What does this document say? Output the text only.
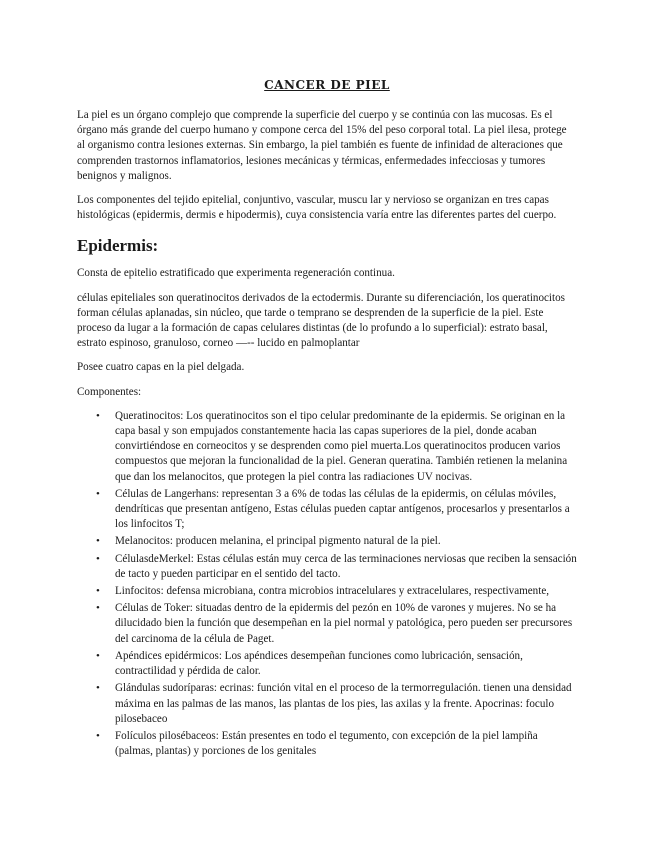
CANCER DE PIEL

La piel es un órgano complejo que comprende la superficie del cuerpo y se continúa con las mucosas. Es el órgano más grande del cuerpo humano y compone cerca del 15% del peso corporal total. La piel ilesa, protege al organismo contra lesiones externas. Sin embargo, la piel también es fuente de infinidad de alteraciones que comprenden trastornos inflamatorios, lesiones mecánicas y térmicas, enfermedades infecciosas y tumores benignos y malignos.

Los componentes del tejido epitelial, conjuntivo, vascular, muscu lar y nervioso se organizan en tres capas histológicas (epidermis, dermis e hipodermis), cuya consistencia varía entre las diferentes partes del cuerpo.

Epidermis:

Consta de epitelio estratificado que experimenta regeneración continua.

células epiteliales son queratinocitos derivados de la ectodermis. Durante su diferenciación, los queratinocitos forman células aplanadas, sin núcleo, que tarde o temprano se desprenden de la superficie de la piel. Este proceso da lugar a la formación de capas celulares distintas (de lo profundo a lo superficial): estrato basal, estrato espinoso, granuloso, corneo —-- lucido en palmoplantar

Posee cuatro capas en la piel delgada.

Componentes:

• Queratinocitos: Los queratinocitos son el tipo celular predominante de la epidermis. Se originan en la capa basal y son empujados constantemente hacia las capas superiores de la piel, donde acaban convirtiéndose en corneocitos y se desprenden como piel muerta.Los queratinocitos producen varios compuestos que mejoran la funcionalidad de la piel. Generan queratina. También retienen la melanina que dan los melanocitos, que protegen la piel contra las radiaciones UV nocivas.
• Células de Langerhans: representan 3 a 6% de todas las células de la epidermis, on células móviles, dendríticas que presentan antígeno, Estas células pueden captar antígenos, procesarlos y presentarlos a los linfocitos T;
• Melanocitos: producen melanina, el principal pigmento natural de la piel.
• CélulasdeMerkel: Estas células están muy cerca de las terminaciones nerviosas que reciben la sensación de tacto y pueden participar en el sentido del tacto.
• Linfocitos: defensa microbiana, contra microbios intracelulares y extracelulares, respectivamente,
• Células de Toker: situadas dentro de la epidermis del pezón en 10% de varones y mujeres. No se ha dilucidado bien la función que desempeñan en la piel normal y patológica, pero pueden ser precursores del carcinoma de la célula de Paget.
• Apéndices epidérmicos: Los apéndices desempeñan funciones como lubricación, sensación, contractilidad y pérdida de calor.
• Glándulas sudoríparas: ecrinas: función vital en el proceso de la termorregulación. tienen una densidad máxima en las palmas de las manos, las plantas de los pies, las axilas y la frente. Apocrinas: foculo pilosebaceo
• Folículos pilosébaceos: Están presentes en todo el tegumento, con excepción de la piel lampiña (palmas, plantas) y porciones de los genitales
